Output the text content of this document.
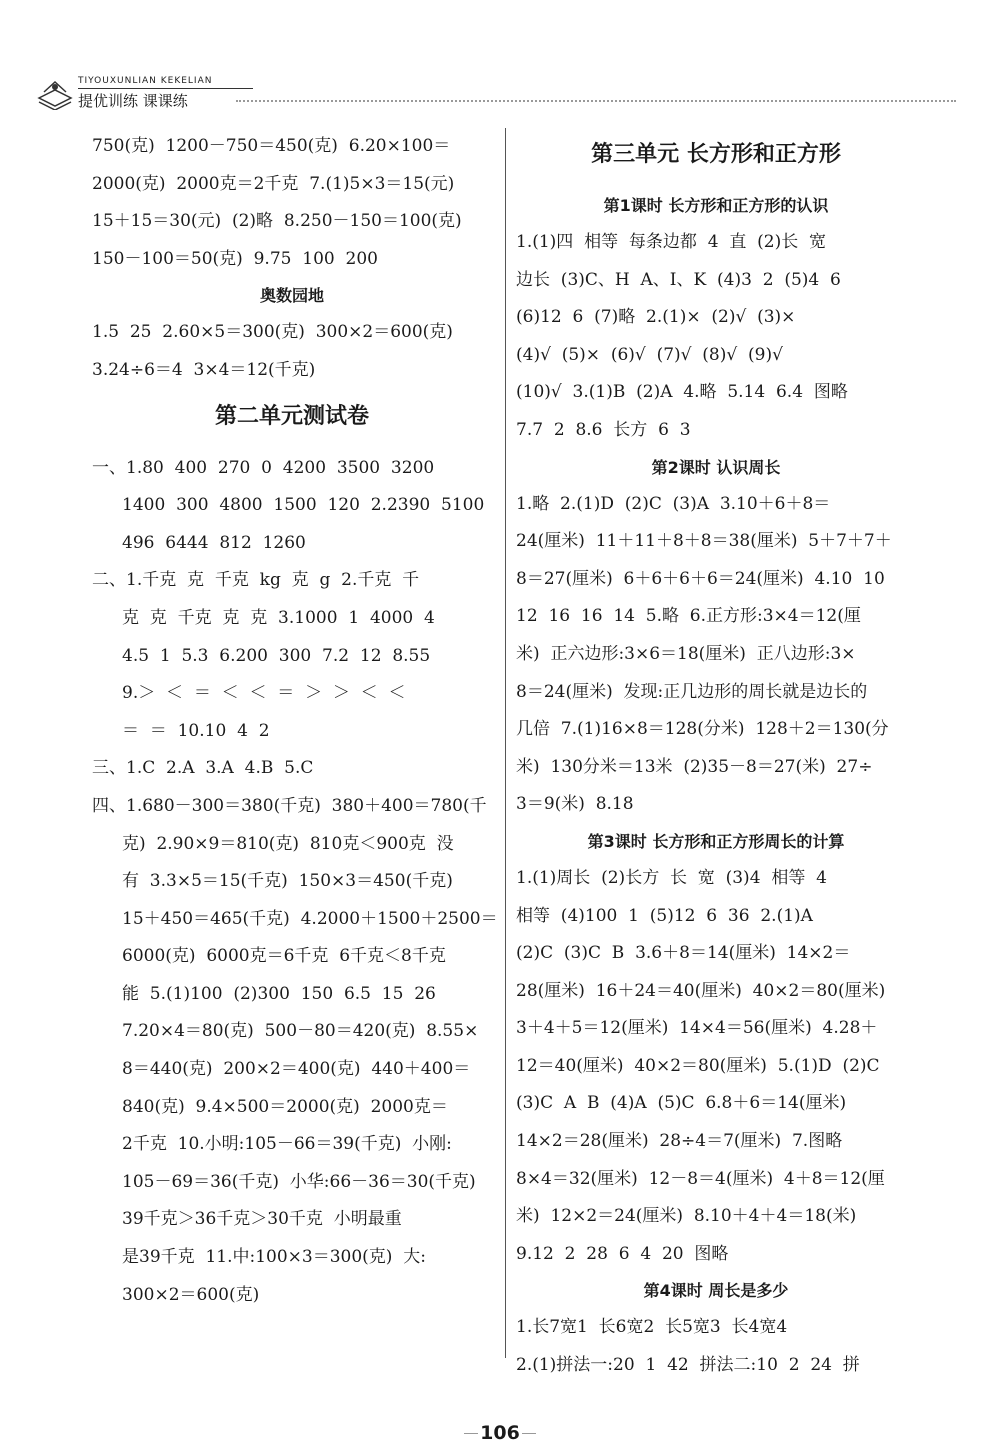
TIYOUXUNLIAN KEKELIAN
提优训练 课课练
750(克)  1200－750＝450(克)  6.20×100＝
2000(克)  2000克＝2千克  7.(1)5×3＝15(元)
15＋15＝30(元)  (2)略  8.250－150＝100(克)
150－100＝50(克)  9.75  100  200
奥数园地
1.5  25  2.60×5＝300(克)  300×2＝600(克)
3.24÷6＝4  3×4＝12(千克)
第二单元测试卷
一、1.80  400  270  0  4200  3500  3200
1400  300  4800  1500  120  2.2390  5100
496  6444  812  1260
二、1.千克  克  千克  kg  克  g  2.千克  千
克  克  千克  克  克  3.1000  1  4000  4
4.5  1  5.3  6.200  300  7.2  12  8.55
9.＞  ＜  ＝  ＜  ＜  ＝  ＞  ＞  ＜  ＜
＝  ＝  10.10  4  2
三、1.C  2.A  3.A  4.B  5.C
四、1.680－300＝380(千克)  380＋400＝780(千
克)  2.90×9＝810(克)  810克＜900克  没
有  3.3×5＝15(千克)  150×3＝450(千克)
15＋450＝465(千克)  4.2000＋1500＋2500＝
6000(克)  6000克＝6千克  6千克＜8千克
能  5.(1)100  (2)300  150  6.5  15  26
7.20×4＝80(克)  500－80＝420(克)  8.55×
8＝440(克)  200×2＝400(克)  440＋400＝
840(克)  9.4×500＝2000(克)  2000克＝
2千克  10.小明:105－66＝39(千克)  小刚:
105－69＝36(千克)  小华:66－36＝30(千克)
39千克＞36千克＞30千克  小明最重
是39千克  11.中:100×3＝300(克)  大:
300×2＝600(克)
第三单元 长方形和正方形
第1课时 长方形和正方形的认识
1.(1)四  相等  每条边都  4  直  (2)长  宽
边长  (3)C、H  A、I、K  (4)3  2  (5)4  6
(6)12  6  (7)略  2.(1)×  (2)√  (3)×
(4)√  (5)×  (6)√  (7)√  (8)√  (9)√
(10)√  3.(1)B  (2)A  4.略  5.14  6.4  图略
7.7  2  8.6  长方  6  3
第2课时 认识周长
1.略  2.(1)D  (2)C  (3)A  3.10＋6＋8＝
24(厘米)  11＋11＋8＋8＝38(厘米)  5＋7＋7＋
8＝27(厘米)  6＋6＋6＋6＝24(厘米)  4.10  10
12  16  16  14  5.略  6.正方形:3×4＝12(厘
米)  正六边形:3×6＝18(厘米)  正八边形:3×
8＝24(厘米)  发现:正几边形的周长就是边长的
几倍  7.(1)16×8＝128(分米)  128＋2＝130(分
米)  130分米＝13米  (2)35－8＝27(米)  27÷
3＝9(米)  8.18
第3课时 长方形和正方形周长的计算
1.(1)周长  (2)长方  长  宽  (3)4  相等  4
相等  (4)100  1  (5)12  6  36  2.(1)A
(2)C  (3)C  B  3.6＋8＝14(厘米)  14×2＝
28(厘米)  16＋24＝40(厘米)  40×2＝80(厘米)
3＋4＋5＝12(厘米)  14×4＝56(厘米)  4.28＋
12＝40(厘米)  40×2＝80(厘米)  5.(1)D  (2)C
(3)C  A  B  (4)A  (5)C  6.8＋6＝14(厘米)
14×2＝28(厘米)  28÷4＝7(厘米)  7.图略
8×4＝32(厘米)  12－8＝4(厘米)  4＋8＝12(厘
米)  12×2＝24(厘米)  8.10＋4＋4＝18(米)
9.12  2  28  6  4  20  图略
第4课时 周长是多少
1.长7宽1  长6宽2  长5宽3  长4宽4
2.(1)拼法一:20  1  42  拼法二:10  2  24  拼
106
